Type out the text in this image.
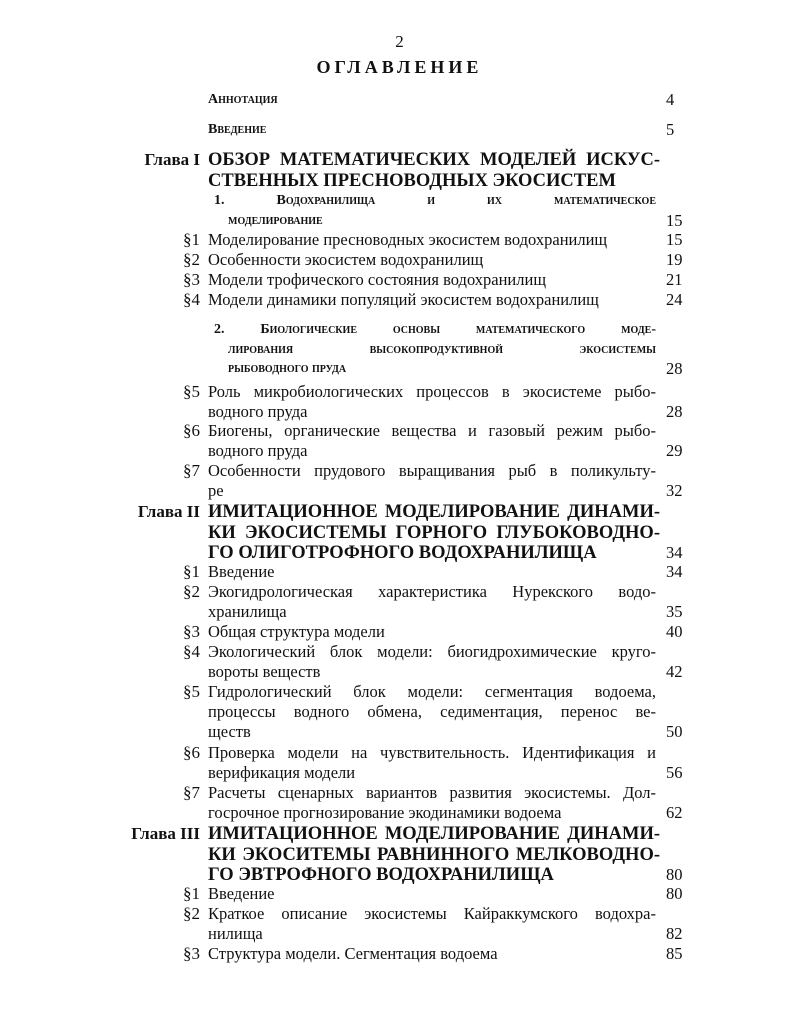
2
ОГЛАВЛЕНИЕ
Аннотация	4
Введение	5
Глава I ОБЗОР МАТЕМАТИЧЕСКИХ МОДЕЛЕЙ ИСКУС-
СТВЕННЫХ ПРЕСНОВОДНЫХ ЭКОСИСТЕМ
1. Водохранилища и их математическое
моделирование	15
§1 Моделирование пресноводных экосистем водохранилищ	15
§2 Особенности экосистем водохранилищ	19
§3 Модели трофического состояния водохранилищ	21
§4 Модели динамики популяций экосистем водохранилищ	24
2. Биологические основы математического моде-
лирования высокопродуктивной экосистемы
рыбоводного пруда	28
§5 Роль микробиологических процессов в экосистеме рыбо-
водного пруда	28
§6 Биогены, органические вещества и газовый режим рыбо-
водного пруда	29
§7 Особенности прудового выращивания рыб в поликульту-
ре	32
Глава II ИМИТАЦИОННОЕ МОДЕЛИРОВАНИЕ ДИНАМИ-
КИ ЭКОСИСТЕМЫ ГОРНОГО ГЛУБОКОВОДНО-
ГО ОЛИГОТРОФНОГО ВОДОХРАНИЛИЩА	34
§1 Введение	34
§2 Экогидрологическая характеристика Нурекского водо-
хранилища	35
§3 Общая структура модели	40
§4 Экологический блок модели: биогидрохимические круго-
вороты веществ	42
§5 Гидрологический блок модели: сегментация водоема,
процессы водного обмена, седиментация, перенос ве-
ществ	50
§6 Проверка модели на чувствительность. Идентификация и
верификация модели	56
§7 Расчеты сценарных вариантов развития экосистемы. Дол-
госрочное прогнозирование экодинамики водоема	62
Глава III ИМИТАЦИОННОЕ МОДЕЛИРОВАНИЕ ДИНАМИ-
КИ ЭКОСИТЕМЫ РАВНИННОГО МЕЛКОВОДНО-
ГО ЭВТРОФНОГО ВОДОХРАНИЛИЩА	80
§1 Введение	80
§2 Краткое описание экосистемы Кайраккумского водохра-
нилища	82
§3 Структура модели. Сегментация водоема	85
